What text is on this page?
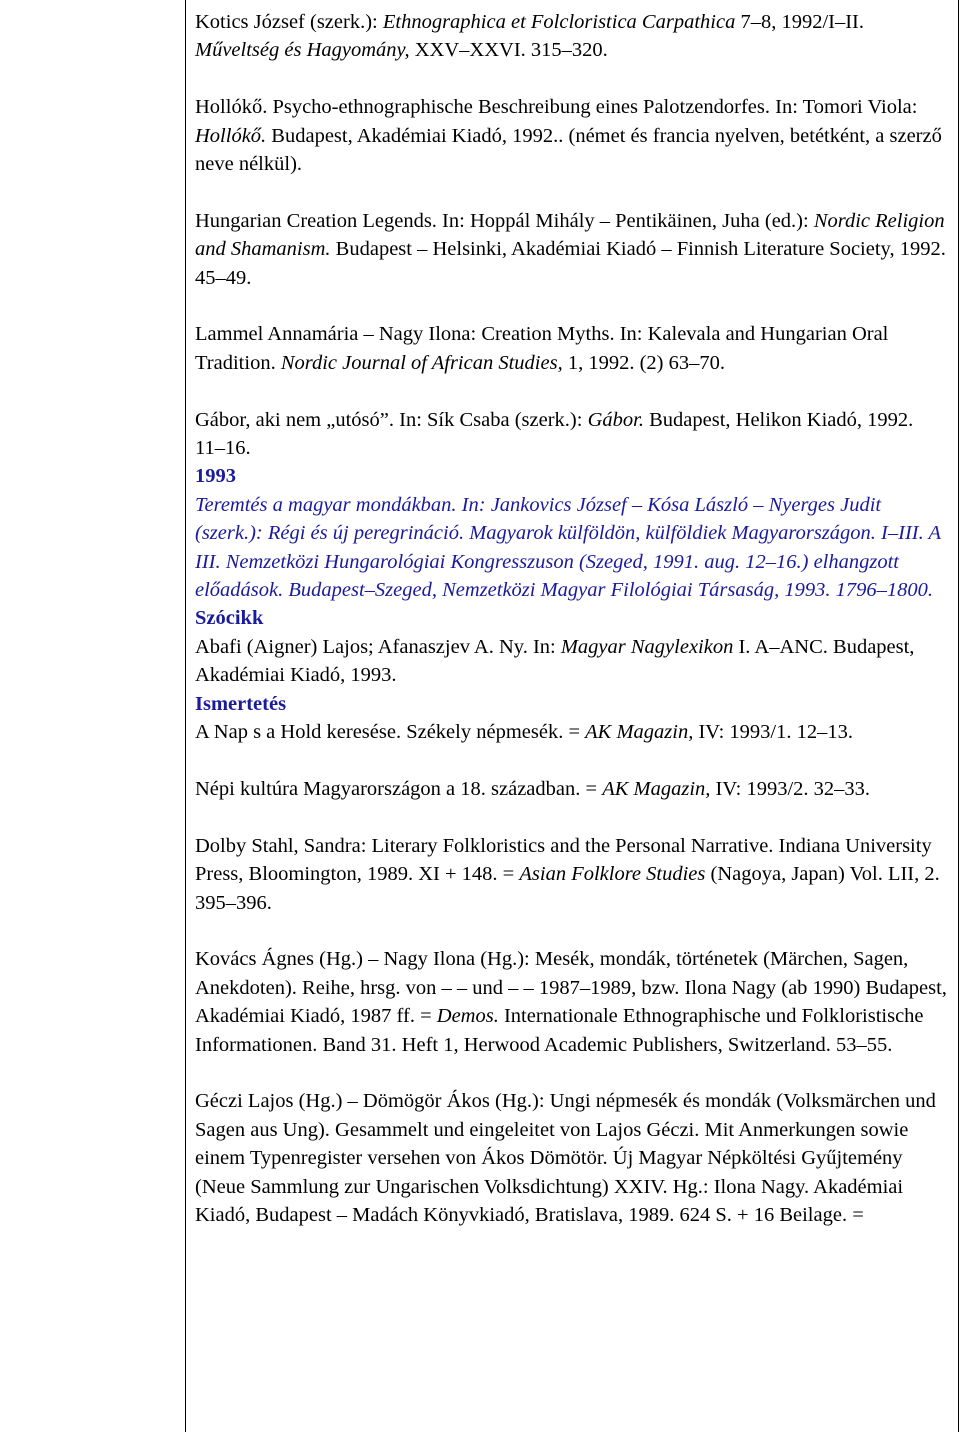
Kotics József (szerk.): Ethnographica et Folcloristica Carpathica 7–8, 1992/I–II. Műveltség és Hagyomány, XXV–XXVI. 315–320.

Hollókő. Psycho-ethnographische Beschreibung eines Palotzendorfes. In: Tomori Viola: Hollókő. Budapest, Akadémiai Kiadó, 1992.. (német és francia nyelven, betétként, a szerző neve nélkül).

Hungarian Creation Legends. In: Hoppál Mihály – Pentikäinen, Juha (ed.): Nordic Religion and Shamanism. Budapest – Helsinki, Akadémiai Kiadó – Finnish Literature Society, 1992. 45–49.

Lammel Annamária – Nagy Ilona: Creation Myths. In: Kalevala and Hungarian Oral Tradition. Nordic Journal of African Studies, 1, 1992. (2) 63–70.

Gábor, aki nem „utósó”. In: Sík Csaba (szerk.): Gábor. Budapest, Helikon Kiadó, 1992. 11–16.

1993

Teremtés a magyar mondákban. In: Jankovics József – Kósa László – Nyerges Judit (szerk.): Régi és új peregrináció. Magyarok külföldön, külföldiek Magyarországon. I–III. A III. Nemzetközi Hungarológiai Kongresszuson (Szeged, 1991. aug. 12–16.) elhangzott előadások. Budapest–Szeged, Nemzetközi Magyar Filológiai Társaság, 1993. 1796–1800.

Szócikk

Abafi (Aigner) Lajos; Afanaszjev A. Ny. In: Magyar Nagylexikon I. A–ANC. Budapest, Akadémiai Kiadó, 1993.

Ismertetés

A Nap s a Hold keresése. Székely népmesék. = AK Magazin, IV: 1993/1. 12–13.

Népi kultúra Magyarországon a 18. században. = AK Magazin, IV: 1993/2. 32–33.

Dolby Stahl, Sandra: Literary Folkloristics and the Personal Narrative. Indiana University Press, Bloomington, 1989. XI + 148. = Asian Folklore Studies (Nagoya, Japan) Vol. LII, 2. 395–396.

Kovács Ágnes (Hg.) – Nagy Ilona (Hg.): Mesék, mondák, történetek (Märchen, Sagen, Anekdoten). Reihe, hrsg. von – – und – – 1987–1989, bzw. Ilona Nagy (ab 1990) Budapest, Akadémiai Kiadó, 1987 ff. = Demos. Internationale Ethnographische und Folkloristische Informationen. Band 31. Heft 1, Herwood Academic Publishers, Switzerland. 53–55.

Géczi Lajos (Hg.) – Dömögör Ákos (Hg.): Ungi népmesék és mondák (Volksmärchen und Sagen aus Ung). Gesammelt und eingeleitet von Lajos Géczi. Mit Anmerkungen sowie einem Typenregister versehen von Ákos Dömötör. Új Magyar Népköltési Gyűjtemény (Neue Sammlung zur Ungarischen Volksdichtung) XXIV. Hg.: Ilona Nagy. Akadémiai Kiadó, Budapest – Madách Könyvkiadó, Bratislava, 1989. 624 S. + 16 Beilage. =
